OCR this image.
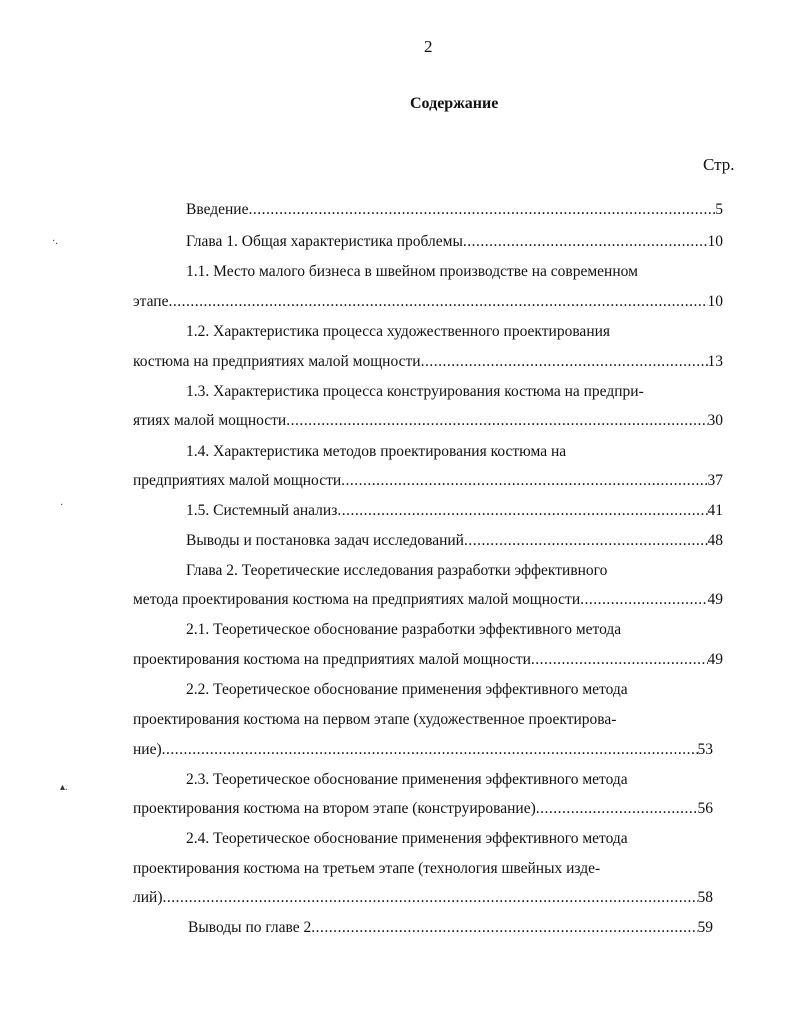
2
Содержание
Стр.
Введение .....	5
Глава 1. Общая характеристика проблемы .....	10
1.1. Место малого бизнеса в швейном производстве на современном
этапе .....	10
1.2. Характеристика процесса художественного проектирования
костюма на предприятиях малой мощности .....	13
1.3. Характеристика процесса конструирования костюма на предпри-
ятиях малой мощности .....	30
1.4. Характеристика методов проектирования костюма на
предприятиях малой мощности .....	37
1.5. Системный анализ .....	41
Выводы и постановка задач исследований .....	48
Глава 2. Теоретические исследования разработки эффективного
метода проектирования костюма на предприятиях малой мощности .....	49
2.1. Теоретическое обоснование разработки эффективного метода
проектирования костюма на предприятиях малой мощности .....	49
2.2. Теоретическое обоснование применения эффективного метода
проектирования костюма на первом этапе (художественное проектирова-
ние) .....	53
2.3. Теоретическое обоснование применения эффективного метода
проектирования костюма на втором этапе (конструирование) .....	56
2.4. Теоретическое обоснование применения эффективного метода
проектирования костюма на третьем этапе (технология швейных изде-
лий) .....	58
Выводы по главе 2 .....	59
·.
·
▴.
